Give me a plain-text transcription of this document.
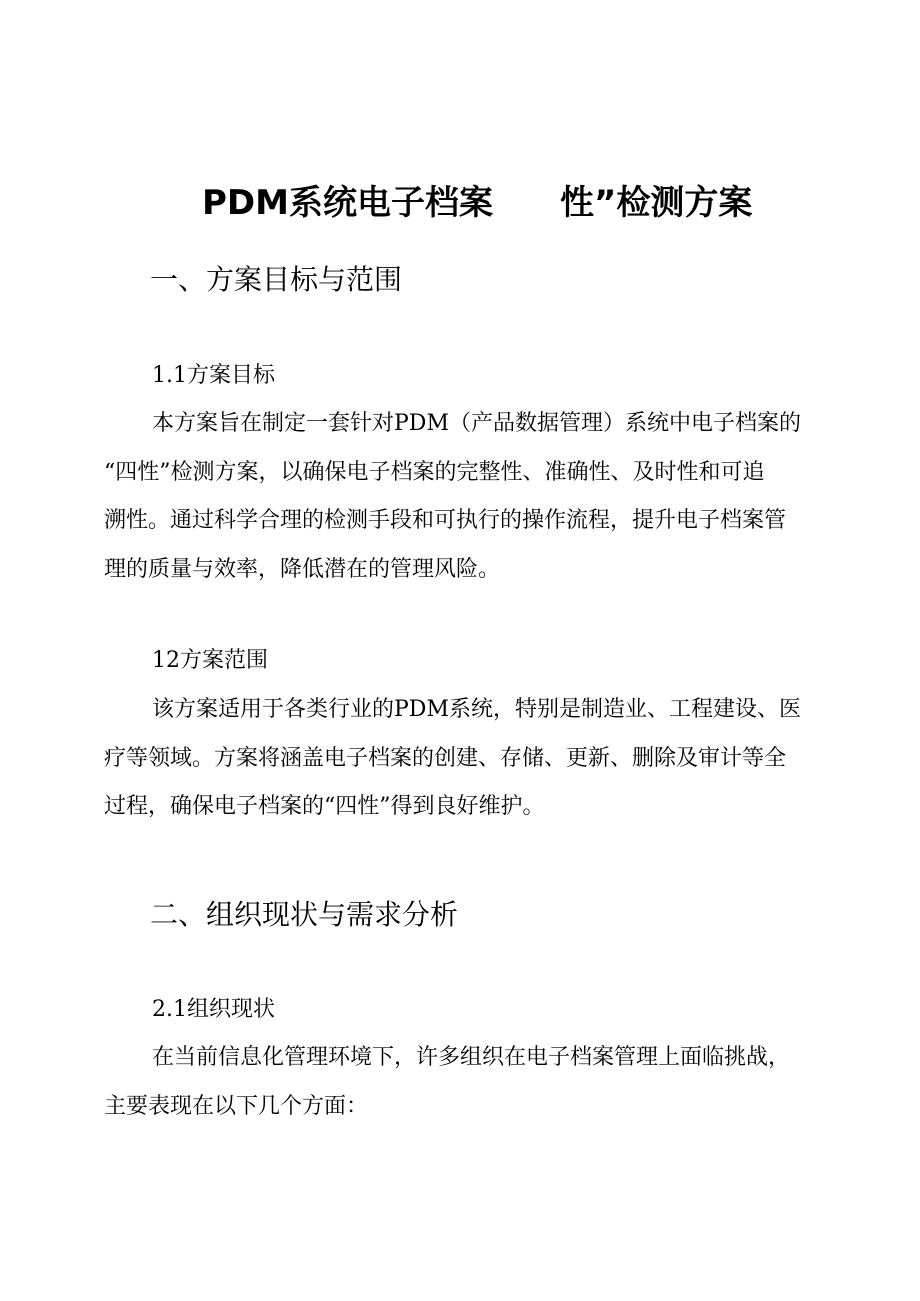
PDM系统电子档案 性”检测方案
一、方案目标与范围
1.1方案目标
本方案旨在制定一套针对PDM（产品数据管理）系统中电子档案的
“四性”检测方案，以确保电子档案的完整性、准确性、及时性和可追
溯性。通过科学合理的检测手段和可执行的操作流程，提升电子档案管
理的质量与效率，降低潜在的管理风险。
12方案范围
该方案适用于各类行业的PDM系统，特别是制造业、工程建设、医
疗等领域。方案将涵盖电子档案的创建、存储、更新、删除及审计等全
过程，确保电子档案的“四性”得到良好维护。
二、组织现状与需求分析
2.1组织现状
在当前信息化管理环境下，许多组织在电子档案管理上面临挑战，
主要表现在以下几个方面：
